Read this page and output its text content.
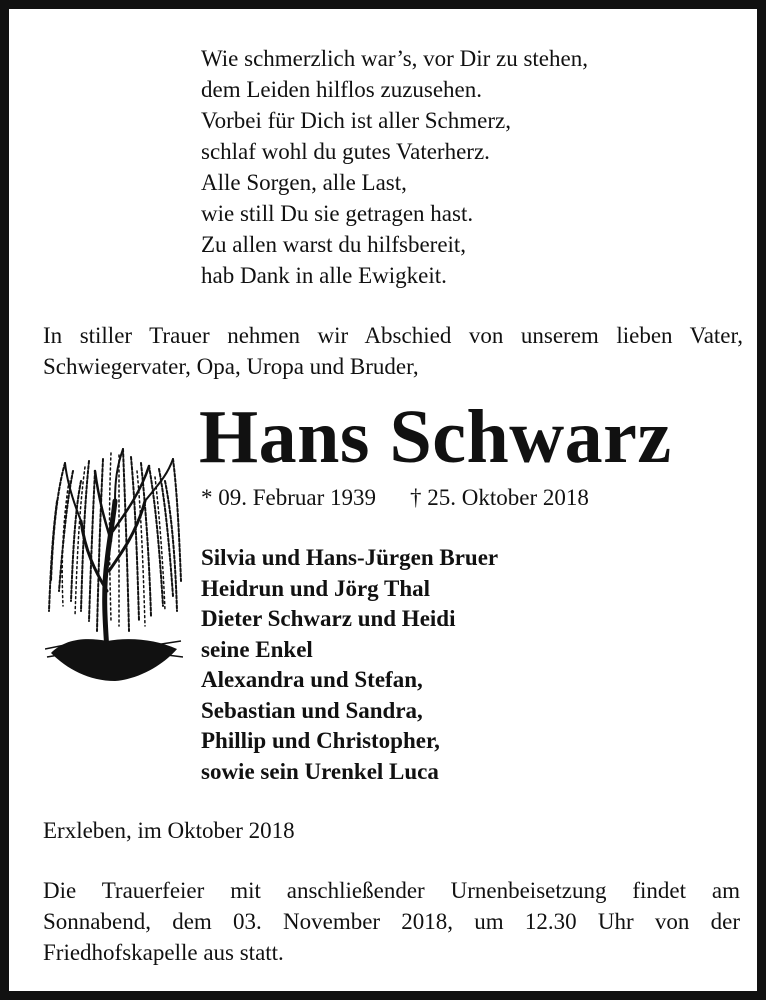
Wie schmerzlich war’s, vor Dir zu stehen,
dem Leiden hilflos zuzusehen.
Vorbei für Dich ist aller Schmerz,
schlaf wohl du gutes Vaterherz.
Alle Sorgen, alle Last,
wie still Du sie getragen hast.
Zu allen warst du hilfsbereit,
hab Dank in alle Ewigkeit.
In stiller Trauer nehmen wir Abschied von unserem lieben Vater,
Schwiegervater, Opa, Uropa und Bruder,
Hans Schwarz
* 09. Februar 1939 † 25. Oktober 2018
Silvia und Hans-Jürgen Bruer
Heidrun und Jörg Thal
Dieter Schwarz und Heidi
seine Enkel
Alexandra und Stefan,
Sebastian und Sandra,
Phillip und Christopher,
sowie sein Urenkel Luca
Erxleben, im Oktober 2018
Die Trauerfeier mit anschließender Urnenbeisetzung findet am
Sonnabend, dem 03. November 2018, um 12.30 Uhr von der
Friedhofskapelle aus statt.
